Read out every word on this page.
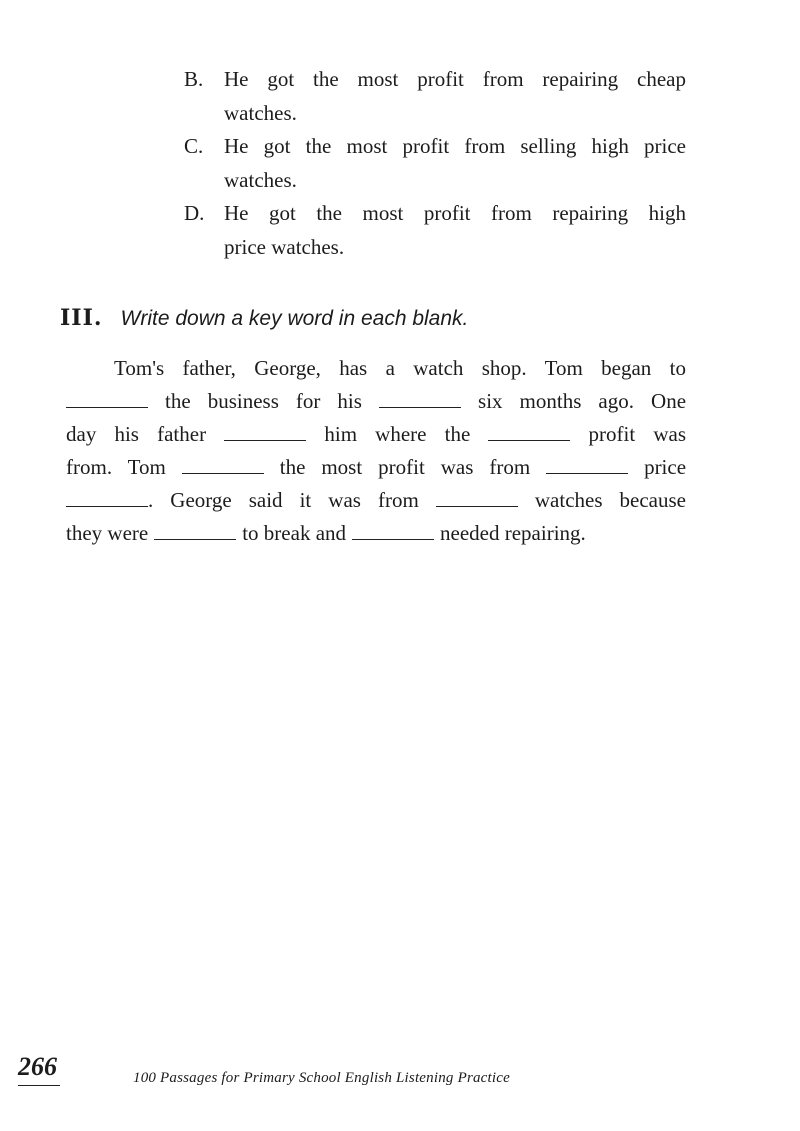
B. He got the most profit from repairing cheap
watches.
C. He got the most profit from selling high price
watches.
D. He got the most profit from repairing high
price watches.
III. Write down a key word in each blank.
Tom's father, George, has a watch shop. Tom began to
the business for his	six months ago. One
day his father	him where the	profit was
from. Tom	the most profit was from	price
. George said it was from	watches because
they were	to break and	needed repairing.
266	100 Passages for Primary School English Listening Practice
